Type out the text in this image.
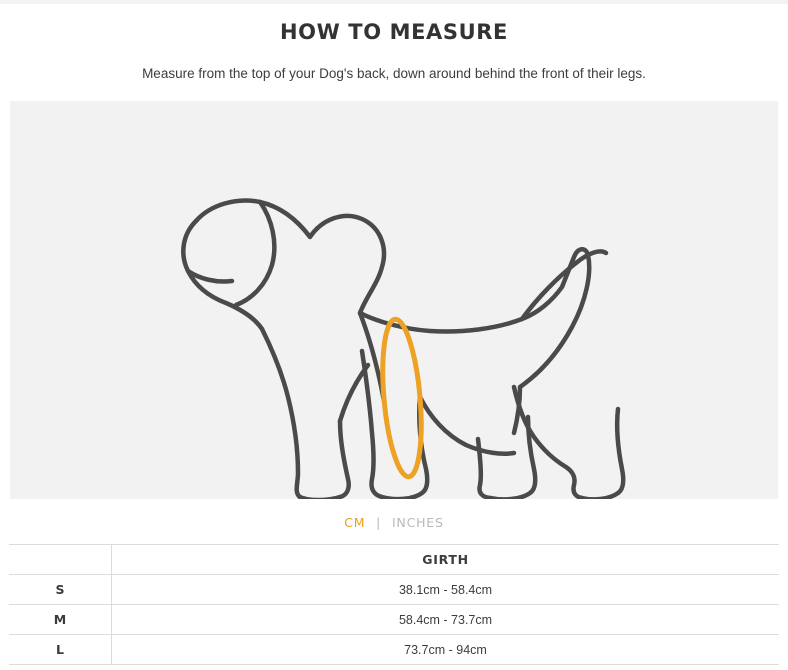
HOW TO MEASURE

Measure from the top of your Dog's back, down around behind the front of their legs.

CM | INCHES
	GIRTH
S	38.1cm - 58.4cm
M	58.4cm - 73.7cm
L	73.7cm - 94cm
